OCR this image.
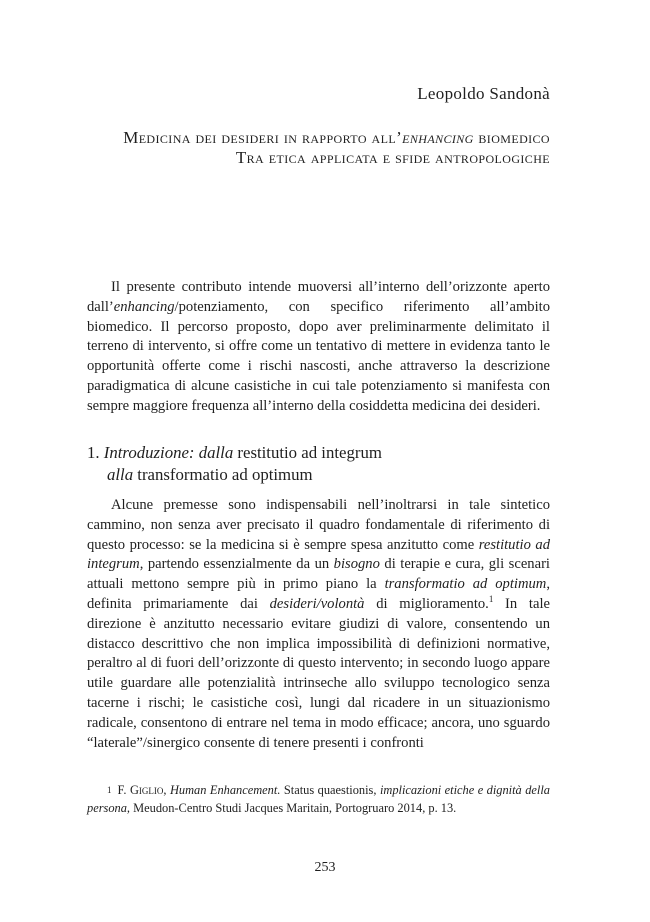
Leopoldo Sandonà
Medicina dei desideri in rapporto all’enhancing biomedico
Tra etica applicata e sfide antropologiche

Il presente contributo intende muoversi all’interno dell’orizzonte aperto dall’enhancing/potenziamento, con specifico riferimento all’ambito biomedico. Il percorso proposto, dopo aver preliminarmente delimitato il terreno di intervento, si offre come un tentativo di mettere in evidenza tanto le opportunità offerte come i rischi nascosti, anche attraverso la descrizione paradigmatica di alcune casistiche in cui tale potenziamento si manifesta con sempre maggiore frequenza all’interno della cosiddetta medicina dei desideri.

1. Introduzione: dalla restitutio ad integrum
alla transformatio ad optimum

Alcune premesse sono indispensabili nell’inoltrarsi in tale sintetico cammino, non senza aver precisato il quadro fondamentale di riferimento di questo processo: se la medicina si è sempre spesa anzitutto come restitutio ad integrum, partendo essenzialmente da un bisogno di terapie e cura, gli scenari attuali mettono sempre più in primo piano la transformatio ad optimum, definita primariamente dai desideri/volontà di miglioramento.$^1$ In tale direzione è anzitutto necessario evitare giudizi di valore, consentendo un distacco descrittivo che non implica impossibilità di definizioni normative, peraltro al di fuori dell’orizzonte di questo intervento; in secondo luogo appare utile guardare alle potenzialità intrinseche allo sviluppo tecnologico senza tacerne i rischi; le casistiche così, lungi dal ricadere in un situazionismo radicale, consentono di entrare nel tema in modo efficace; ancora, uno sguardo “laterale”/sinergico consente di tenere presenti i confronti

$^1$ F. Giglio, Human Enhancement. Status quaestionis, implicazioni etiche e dignità della persona, Meudon-Centro Studi Jacques Maritain, Portogruaro 2014, p. 13.

253
